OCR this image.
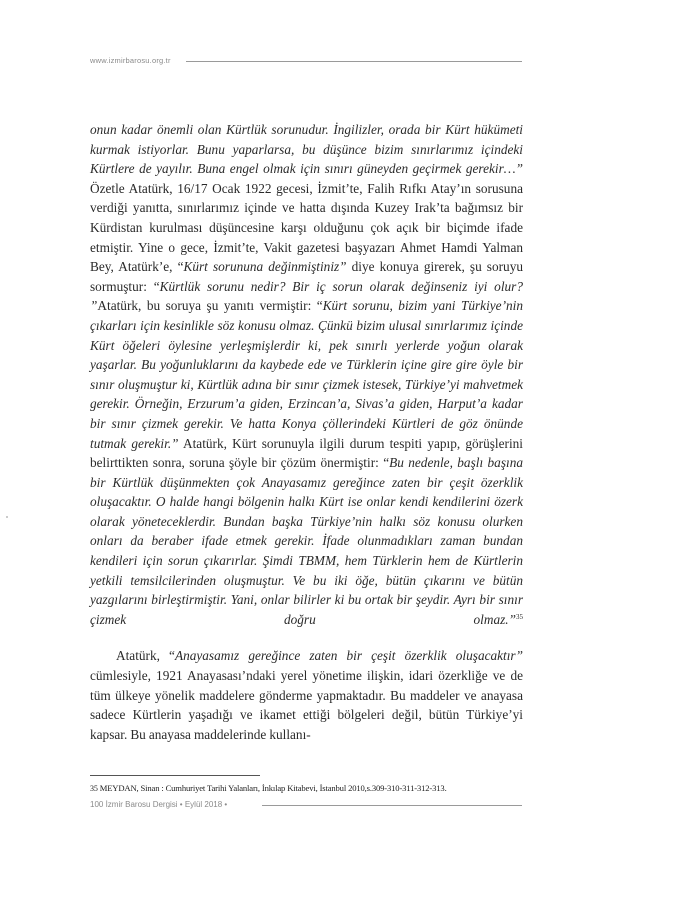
www.izmirbarosu.org.tr

onun kadar önemli olan Kürtlük sorunudur. İngilizler, orada bir Kürt hükümeti kurmak istiyorlar. Bunu yaparlarsa, bu düşünce bizim sınırlarımız içindeki Kürtlere de yayılır. Buna engel olmak için sınırı güneyden geçirmek gerekir…” Özetle Atatürk, 16/17 Ocak 1922 gecesi, İzmit’te, Falih Rıfkı Atay’ın sorusuna verdiği yanıtta, sınırlarımız içinde ve hatta dışında Kuzey Irak’ta bağımsız bir Kürdistan kurulması düşüncesine karşı olduğunu çok açık bir biçimde ifade etmiştir. Yine o gece, İzmit’te, Vakit gazetesi başyazarı Ahmet Hamdi Yalman Bey, Atatürk’e, “Kürt sorununa değinmiştiniz” diye konuya girerek, şu soruyu sormuştur: “Kürtlük sorunu nedir? Bir iç sorun olarak değinseniz iyi olur? ”Atatürk, bu soruya şu yanıtı vermiştir: “Kürt sorunu, bizim yani Türkiye’nin çıkarları için kesinlikle söz konusu olmaz. Çünkü bizim ulusal sınırlarımız içinde Kürt öğeleri öylesine yerleşmişlerdir ki, pek sınırlı yerlerde yoğun olarak yaşarlar. Bu yoğunluklarını da kaybede ede ve Türklerin içine gire gire öyle bir sınır oluşmuştur ki, Kürtlük adına bir sınır çizmek istesek, Türkiye’yi mahvetmek gerekir. Örneğin, Erzurum’a giden, Erzincan’a, Sivas’a giden, Harput’a kadar bir sınır çizmek gerekir. Ve hatta Konya çöllerindeki Kürtleri de göz önünde tutmak gerekir.” Atatürk, Kürt sorunuyla ilgili durum tespiti yapıp, görüşlerini belirttikten sonra, soruna şöyle bir çözüm önermiştir: “Bu nedenle, başlı başına bir Kürtlük düşünmekten çok Anayasamız gereğince zaten bir çeşit özerklik oluşacaktır. O halde hangi bölgenin halkı Kürt ise onlar kendi kendilerini özerk olarak yöneteceklerdir. Bundan başka Türkiye’nin halkı söz konusu olurken onları da beraber ifade etmek gerekir. İfade olunmadıkları zaman bundan kendileri için sorun çıkarırlar. Şimdi TBMM, hem Türklerin hem de Kürtlerin yetkili temsilcilerinden oluşmuştur. Ve bu iki öğe, bütün çıkarını ve bütün yazgılarını birleştirmiştir. Yani, onlar bilirler ki bu ortak bir şeydir. Ayrı bir sınır çizmek doğru olmaz.”$^{35}$

Atatürk, “Anayasamız gereğince zaten bir çeşit özerklik oluşacaktır” cümlesiyle, 1921 Anayasası’ndaki yerel yönetime ilişkin, idari özerkliğe ve de tüm ülkeye yönelik maddelere gönderme yapmaktadır. Bu maddeler ve anayasa sadece Kürtlerin yaşadığı ve ikamet ettiği bölgeleri değil, bütün Türkiye’yi kapsar. Bu anayasa maddelerinde kullanı-

35 MEYDAN, Sinan : Cumhuriyet Tarihi Yalanları, İnkılap Kitabevi, İstanbul 2010,s.309-310-311-312-313.
100 İzmir Barosu Dergisi • Eylül 2018 •
